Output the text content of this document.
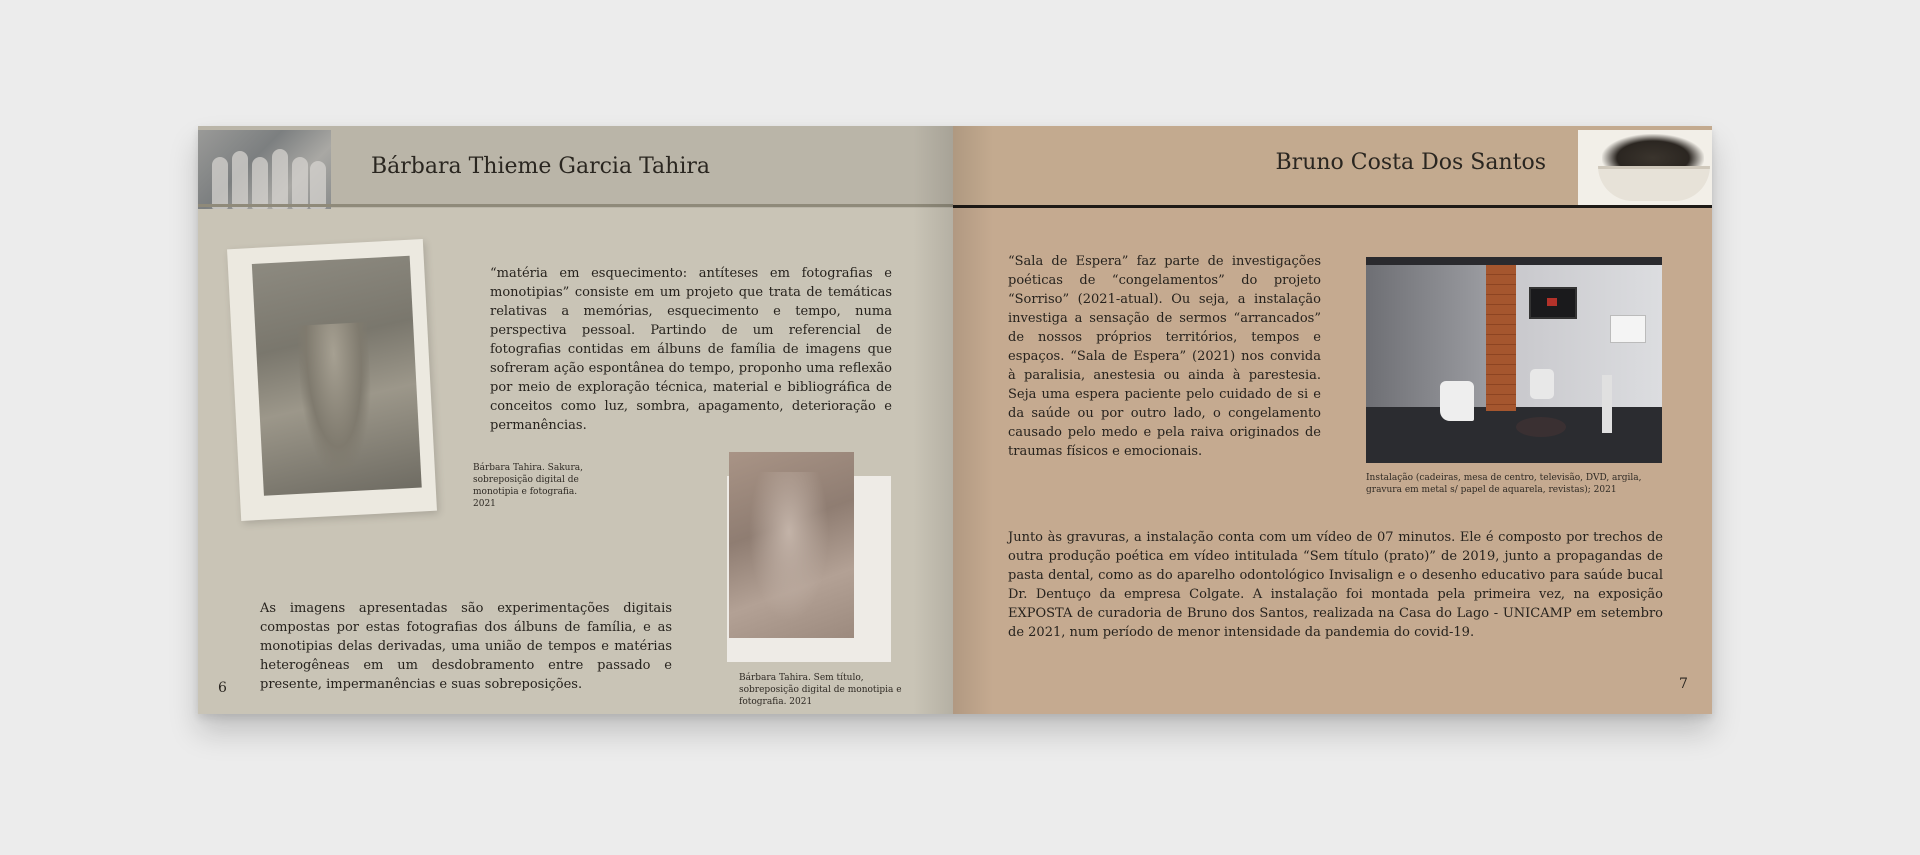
Bárbara Thieme Garcia Tahira

“matéria em esquecimento: antíteses em fotografias e monotipias” consiste em um projeto que trata de temáticas relativas a memórias, esquecimento e tempo, numa perspectiva pessoal. Partindo de um referencial de fotografias contidas em álbuns de família de imagens que sofreram ação espontânea do tempo, proponho uma reflexão por meio de exploração técnica, material e bibliográfica de conceitos como luz, sombra, apagamento, deterioração e permanências.

Bárbara Tahira. Sakura, sobreposição digital de monotipia e fotografia. 2021

As imagens apresentadas são experimentações digitais compostas por estas fotografias dos álbuns de família, e as monotipias delas derivadas, uma união de tempos e matérias heterogêneas em um desdobramento entre passado e presente, impermanências e suas sobreposições.	Bárbara Tahira. Sem título, sobreposição digital de monotipia e fotografia. 2021

6
Bruno Costa Dos Santos

“Sala de Espera” faz parte de investigações poéticas de “congelamentos” do projeto “Sorriso” (2021-atual). Ou seja, a instalação investiga a sensação de sermos “arrancados” de nossos próprios territórios, tempos e espaços. “Sala de Espera” (2021) nos convida à paralisia, anestesia ou ainda à parestesia. Seja uma espera paciente pelo cuidado de si e da saúde ou por outro lado, o congelamento causado pelo medo e pela raiva originados de traumas físicos e emocionais.

Instalação (cadeiras, mesa de centro, televisão, DVD, argila, gravura em metal s/ papel de aquarela, revistas); 2021

Junto às gravuras, a instalação conta com um vídeo de 07 minutos. Ele é composto por trechos de outra produção poética em vídeo intitulada “Sem título (prato)” de 2019, junto a propagandas de pasta dental, como as do aparelho odontológico Invisalign e o desenho educativo para saúde bucal Dr. Dentuço da empresa Colgate. A instalação foi montada pela primeira vez, na exposição EXPOSTA de curadoria de Bruno dos Santos, realizada na Casa do Lago - UNICAMP em setembro de 2021, num período de menor intensidade da pandemia do covid-19.

7
